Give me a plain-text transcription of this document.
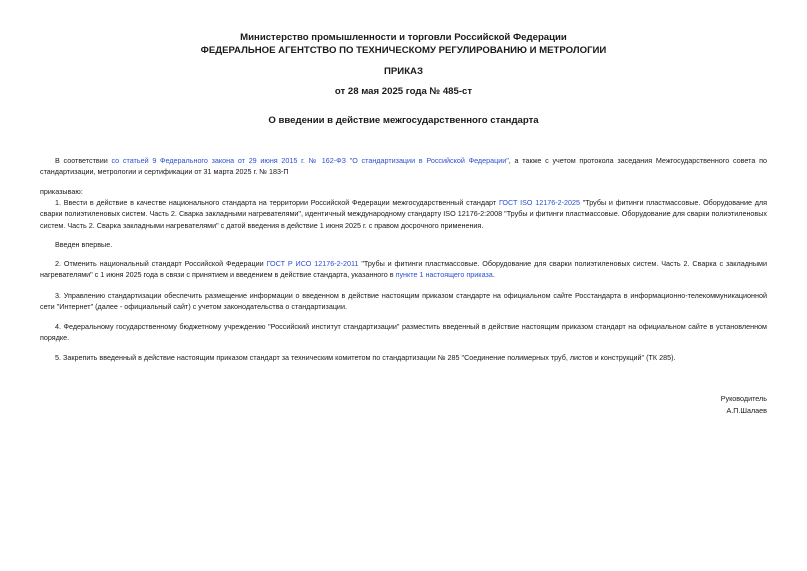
Министерство промышленности и торговли Российской Федерации
ФЕДЕРАЛЬНОЕ АГЕНТСТВО ПО ТЕХНИЧЕСКОМУ РЕГУЛИРОВАНИЮ И МЕТРОЛОГИИ
ПРИКАЗ
от 28 мая 2025 года № 485-ст
О введении в действие межгосударственного стандарта
В соответствии со статьей 9 Федерального закона от 29 июня 2015 г. № 162-ФЗ "О стандартизации в Российской Федерации", а также с учетом протокола заседания Межгосударственного совета по стандартизации, метрологии и сертификации от 31 марта 2025 г. № 183-П
приказываю:
1. Ввести в действие в качестве национального стандарта на территории Российской Федерации межгосударственный стандарт ГОСТ ISO 12176-2-2025 "Трубы и фитинги пластмассовые. Оборудование для сварки полиэтиленовых систем. Часть 2. Сварка закладными нагревателями", идентичный международному стандарту ISO 12176-2:2008 "Трубы и фитинги пластмассовые. Оборудование для сварки полиэтиленовых систем. Часть 2. Сварка закладными нагревателями" с датой введения в действие 1 июня 2025 г. с правом досрочного применения.
Введен впервые.
2. Отменить национальный стандарт Российской Федерации ГОСТ Р ИСО 12176-2-2011 "Трубы и фитинги пластмассовые. Оборудование для сварки полиэтиленовых систем. Часть 2. Сварка с закладными нагревателями" с 1 июня 2025 года в связи с принятием и введением в действие стандарта, указанного в пункте 1 настоящего приказа.
3. Управлению стандартизации обеспечить размещение информации о введенном в действие настоящим приказом стандарте на официальном сайте Росстандарта в информационно-телекоммуникационной сети "Интернет" (далее - официальный сайт) с учетом законодательства о стандартизации.
4. Федеральному государственному бюджетному учреждению "Российский институт стандартизации" разместить введенный в действие настоящим приказом стандарт на официальном сайте в установленном порядке.
5. Закрепить введенный в действие настоящим приказом стандарт за техническим комитетом по стандартизации № 285 "Соединение полимерных труб, листов и конструкций" (ТК 285).
Руководитель
А.П.Шалаев
